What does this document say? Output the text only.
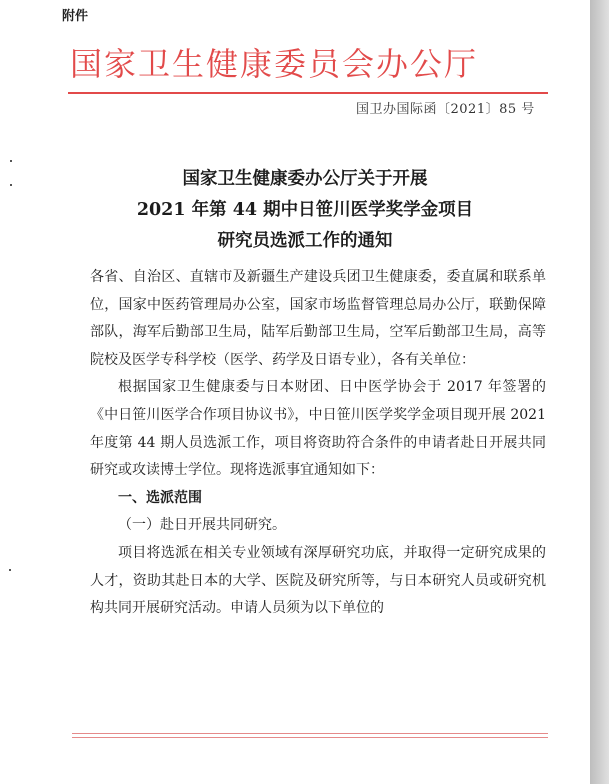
附件
国家卫生健康委员会办公厅
国卫办国际函〔2021〕85 号
国家卫生健康委办公厅关于开展
2021 年第 44 期中日笹川医学奖学金项目
研究员选派工作的通知

各省、自治区、直辖市及新疆生产建设兵团卫生健康委，委直属和联系单位，国家中医药管理局办公室，国家市场监督管理总局办公厅，联勤保障部队，海军后勤部卫生局，陆军后勤部卫生局，空军后勤部卫生局，高等院校及医学专科学校（医学、药学及日语专业），各有关单位：

根据国家卫生健康委与日本财团、日中医学协会于 2017 年签署的《中日笹川医学合作项目协议书》，中日笹川医学奖学金项目现开展 2021 年度第 44 期人员选派工作，项目将资助符合条件的申请者赴日开展共同研究或攻读博士学位。现将选派事宜通知如下：

一、选派范围

（一）赴日开展共同研究。

项目将选派在相关专业领域有深厚研究功底，并取得一定研究成果的人才，资助其赴日本的大学、医院及研究所等，与日本研究人员或研究机构共同开展研究活动。申请人员须为以下单位的
